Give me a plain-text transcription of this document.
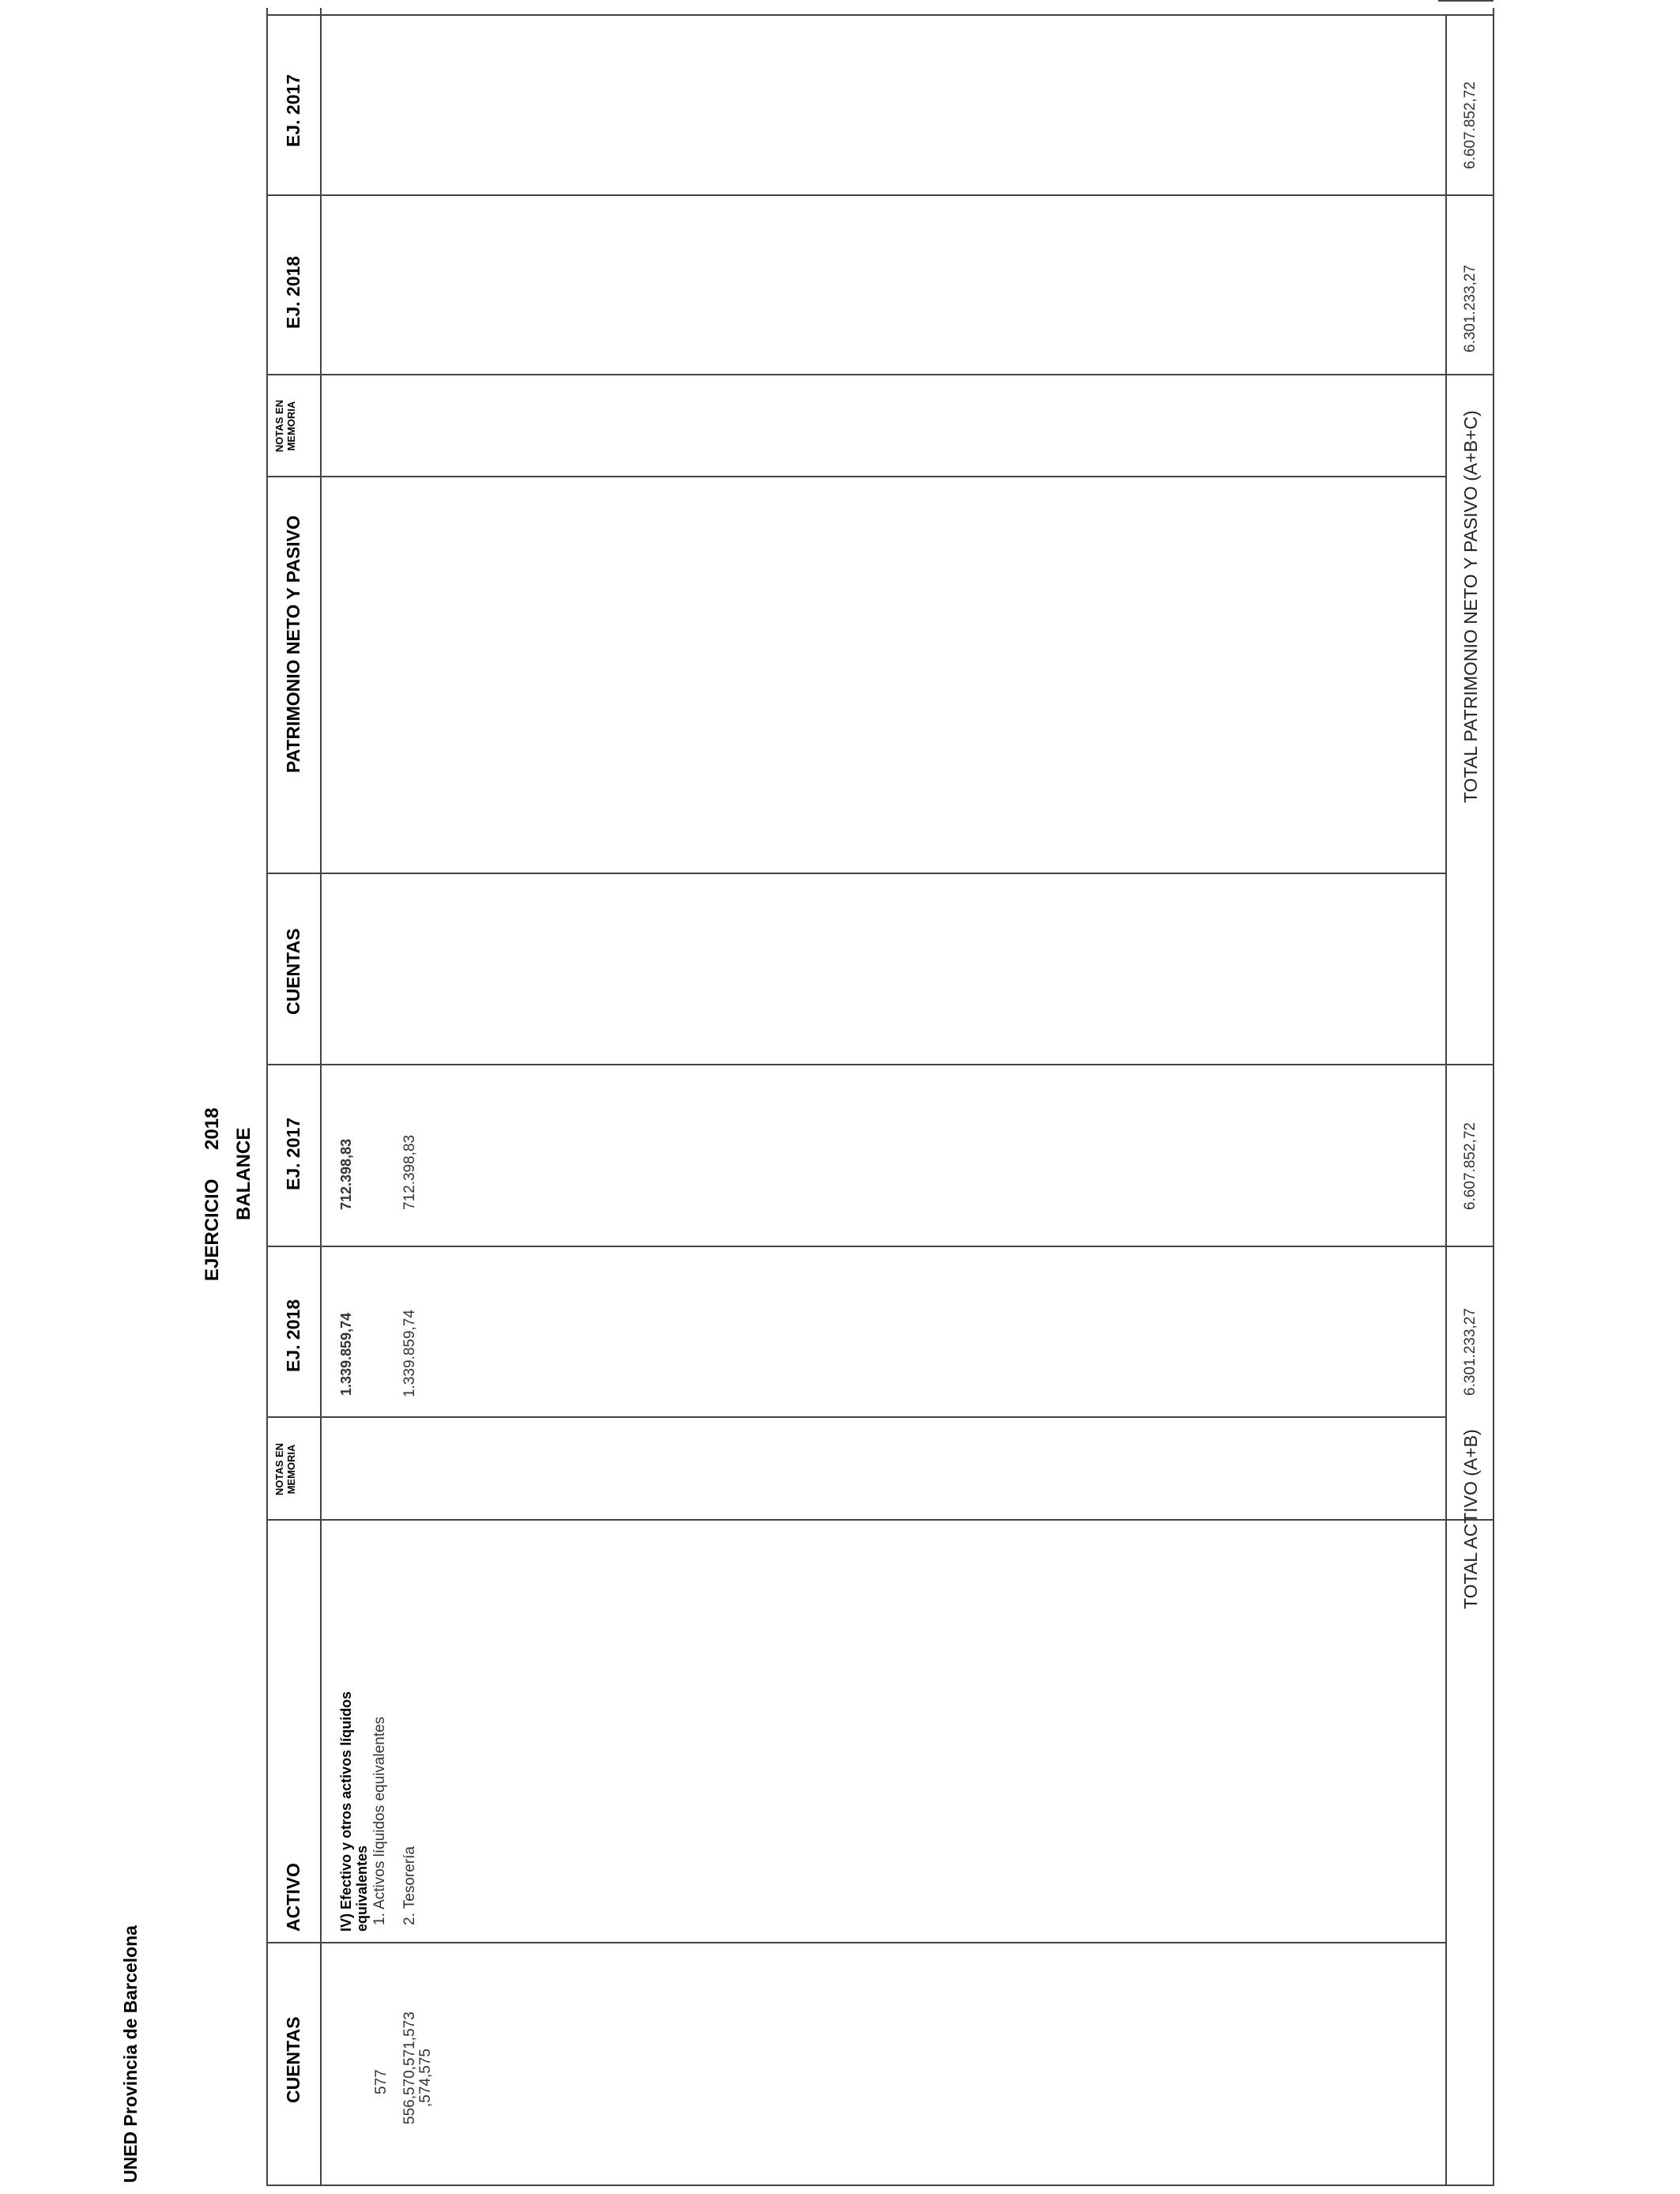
UNED Provincia de Barcelona
EJERCICIO 2018 BALANCE
CUENTAS
ACTIVO
NOTAS EN MEMORIA
EJ. 2018
EJ. 2017
CUENTAS
PATRIMONIO NETO Y PASIVO
NOTAS EN MEMORIA
EJ. 2018
EJ. 2017
IV) Efectivo y otros activos líquidos
1.339.859,74
712.398,83
equivalentes
577
1. Activos líquidos equivalentes
556,570,571,573
2. Tesorería
1.339.859,74
712.398,83
,574,575
TOTAL ACTIVO (A+B)
6.301.233,27
6.607.852,72
TOTAL PATRIMONIO NETO Y PASIVO (A+B+C)
6.301.233,27
6.607.852,72
